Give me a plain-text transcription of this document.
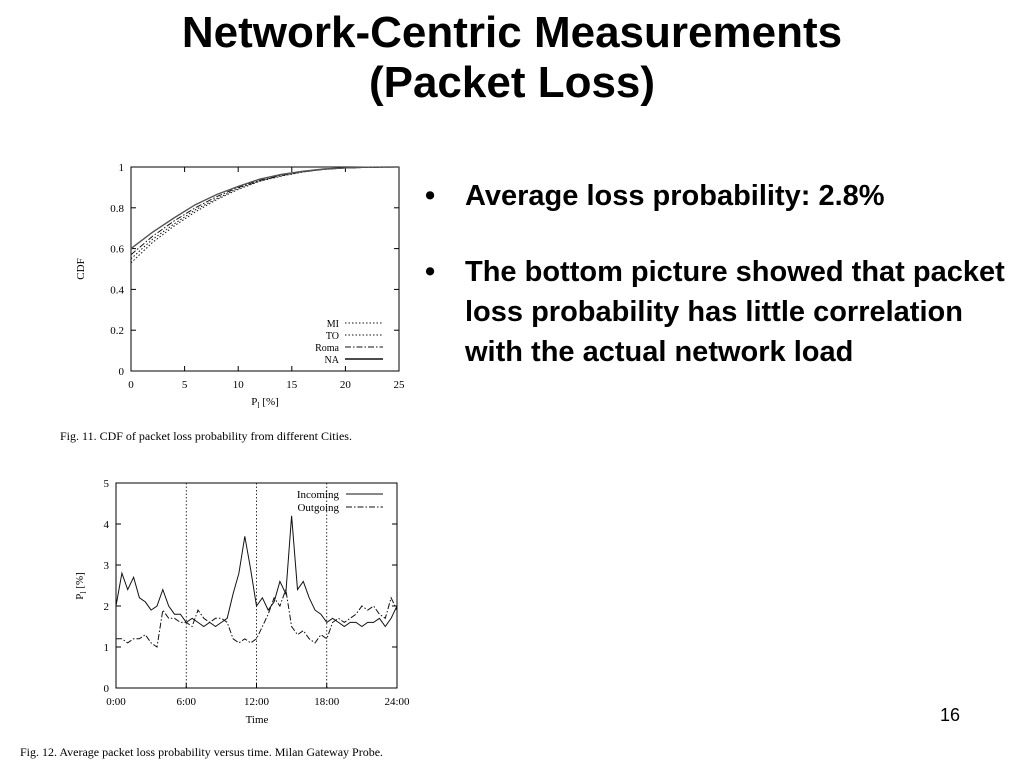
Network-Centric Measurements
(Packet Loss)
0	5	10	15	20	25
0
0.2
0.4
0.6
0.8
1
CDF
$P_l$ [%]
MI
TO
Roma
NA
Fig. 11. CDF of packet loss probability from different Cities.
0:00	6:00	12:00	18:00	24:00
0
1
2
3
4
5
Time
$P_l$ [%]
Incoming
Outgoing
Fig. 12. Average packet loss probability versus time. Milan Gateway Probe.
• Average loss probability: 2.8%
• The bottom picture showed that packet loss probability has little correlation with the actual network load
16
